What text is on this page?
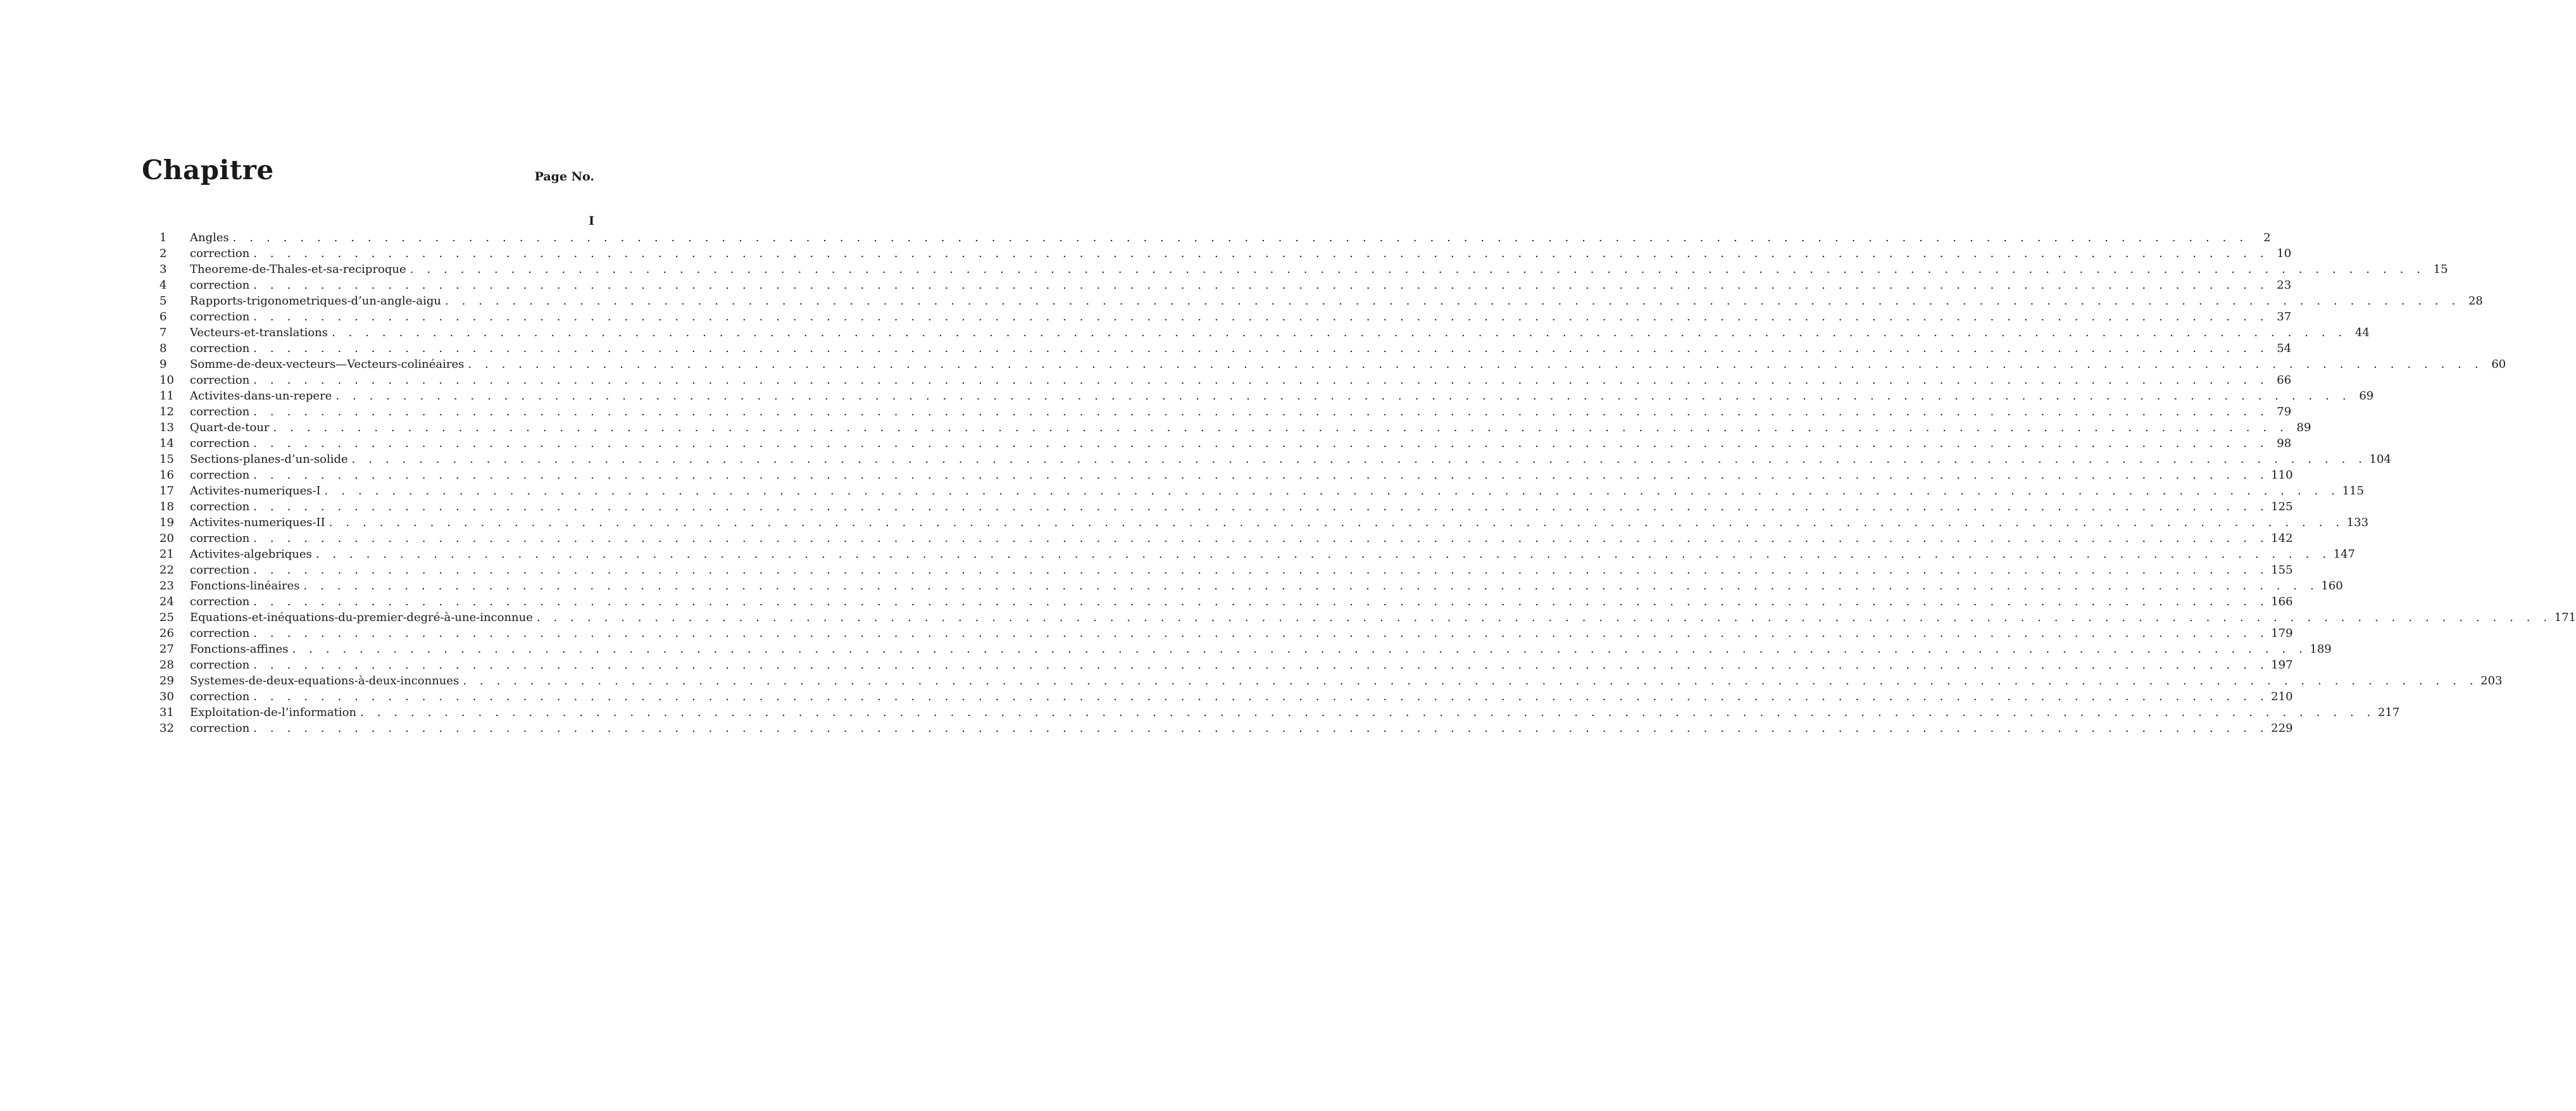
Chapitre	Page No.
I
1	Angles . . . . . . . . . . . . . . . . . . . . . . . . . . . . . . . . . . . . . . . . . . . . . . . . . . . . . . . . . . . . . . . . . . . . . . . . . . . . . . . . . . . . . . . . . . . . . . . . . . . . . . . . . . . . . . . . . . . . . . . .	2
2	correction . . . . . . . . . . . . . . . . . . . . . . . . . . . . . . . . . . . . . . . . . . . . . . . . . . . . . . . . . . . . . . . . . . . . . . . . . . . . . . . . . . . . . . . . . . . . . . . . . . . . . . . . . . . . . . . . . . . . . . . . 10
3	Theoreme-de-Thales-et-sa-reciproque . . . . . . . . . . . . . . . . . . . . . . . . . . . . . . . . . . . . . . . . . . . . . . . . . . . . . . . . . . . . . . . . . . . . . . . . . . . . . . . . . . . . . . . . . . . . . . . . . . . . . . . . . . . . . . . . . . . . . . . . 15
4	correction . . . . . . . . . . . . . . . . . . . . . . . . . . . . . . . . . . . . . . . . . . . . . . . . . . . . . . . . . . . . . . . . . . . . . . . . . . . . . . . . . . . . . . . . . . . . . . . . . . . . . . . . . . . . . . . . . . . . . . . . 23
5	Rapports-trigonometriques-d’un-angle-aigu . . . . . . . . . . . . . . . . . . . . . . . . . . . . . . . . . . . . . . . . . . . . . . . . . . . . . . . . . . . . . . . . . . . . . . . . . . . . . . . . . . . . . . . . . . . . . . . . . . . . . . . . . . . . . . . . . . . . . . . . 28
6	correction . . . . . . . . . . . . . . . . . . . . . . . . . . . . . . . . . . . . . . . . . . . . . . . . . . . . . . . . . . . . . . . . . . . . . . . . . . . . . . . . . . . . . . . . . . . . . . . . . . . . . . . . . . . . . . . . . . . . . . . . 37
7	Vecteurs-et-translations . . . . . . . . . . . . . . . . . . . . . . . . . . . . . . . . . . . . . . . . . . . . . . . . . . . . . . . . . . . . . . . . . . . . . . . . . . . . . . . . . . . . . . . . . . . . . . . . . . . . . . . . . . . . . . . . . . . . . . . . 44
8	correction . . . . . . . . . . . . . . . . . . . . . . . . . . . . . . . . . . . . . . . . . . . . . . . . . . . . . . . . . . . . . . . . . . . . . . . . . . . . . . . . . . . . . . . . . . . . . . . . . . . . . . . . . . . . . . . . . . . . . . . . 54
9	Somme-de-deux-vecteurs—Vecteurs-colinéaires . . . . . . . . . . . . . . . . . . . . . . . . . . . . . . . . . . . . . . . . . . . . . . . . . . . . . . . . . . . . . . . . . . . . . . . . . . . . . . . . . . . . . . . . . . . . . . . . . . . . . . . . . . . . . . . . . . . . . . . . 60
10	correction . . . . . . . . . . . . . . . . . . . . . . . . . . . . . . . . . . . . . . . . . . . . . . . . . . . . . . . . . . . . . . . . . . . . . . . . . . . . . . . . . . . . . . . . . . . . . . . . . . . . . . . . . . . . . . . . . . . . . . . . 66
11	Activites-dans-un-repere . . . . . . . . . . . . . . . . . . . . . . . . . . . . . . . . . . . . . . . . . . . . . . . . . . . . . . . . . . . . . . . . . . . . . . . . . . . . . . . . . . . . . . . . . . . . . . . . . . . . . . . . . . . . . . . . . . . . . . . . 69
12	correction . . . . . . . . . . . . . . . . . . . . . . . . . . . . . . . . . . . . . . . . . . . . . . . . . . . . . . . . . . . . . . . . . . . . . . . . . . . . . . . . . . . . . . . . . . . . . . . . . . . . . . . . . . . . . . . . . . . . . . . . 79
13	Quart-de-tour . . . . . . . . . . . . . . . . . . . . . . . . . . . . . . . . . . . . . . . . . . . . . . . . . . . . . . . . . . . . . . . . . . . . . . . . . . . . . . . . . . . . . . . . . . . . . . . . . . . . . . . . . . . . . . . . . . . . . . . . 89
14	correction . . . . . . . . . . . . . . . . . . . . . . . . . . . . . . . . . . . . . . . . . . . . . . . . . . . . . . . . . . . . . . . . . . . . . . . . . . . . . . . . . . . . . . . . . . . . . . . . . . . . . . . . . . . . . . . . . . . . . . . . 98
15	Sections-planes-d’un-solide . . . . . . . . . . . . . . . . . . . . . . . . . . . . . . . . . . . . . . . . . . . . . . . . . . . . . . . . . . . . . . . . . . . . . . . . . . . . . . . . . . . . . . . . . . . . . . . . . . . . . . . . . . . . . . . . . . . . . . . . 104
16	correction . . . . . . . . . . . . . . . . . . . . . . . . . . . . . . . . . . . . . . . . . . . . . . . . . . . . . . . . . . . . . . . . . . . . . . . . . . . . . . . . . . . . . . . . . . . . . . . . . . . . . . . . . . . . . . . . . . . . . . . . 110
17	Activites-numeriques-I . . . . . . . . . . . . . . . . . . . . . . . . . . . . . . . . . . . . . . . . . . . . . . . . . . . . . . . . . . . . . . . . . . . . . . . . . . . . . . . . . . . . . . . . . . . . . . . . . . . . . . . . . . . . . . . . . . . . . . . . 115
18	correction . . . . . . . . . . . . . . . . . . . . . . . . . . . . . . . . . . . . . . . . . . . . . . . . . . . . . . . . . . . . . . . . . . . . . . . . . . . . . . . . . . . . . . . . . . . . . . . . . . . . . . . . . . . . . . . . . . . . . . . . 125
19	Activites-numeriques-II . . . . . . . . . . . . . . . . . . . . . . . . . . . . . . . . . . . . . . . . . . . . . . . . . . . . . . . . . . . . . . . . . . . . . . . . . . . . . . . . . . . . . . . . . . . . . . . . . . . . . . . . . . . . . . . . . . . . . . . . 133
20	correction . . . . . . . . . . . . . . . . . . . . . . . . . . . . . . . . . . . . . . . . . . . . . . . . . . . . . . . . . . . . . . . . . . . . . . . . . . . . . . . . . . . . . . . . . . . . . . . . . . . . . . . . . . . . . . . . . . . . . . . . 142
21	Activites-algebriques . . . . . . . . . . . . . . . . . . . . . . . . . . . . . . . . . . . . . . . . . . . . . . . . . . . . . . . . . . . . . . . . . . . . . . . . . . . . . . . . . . . . . . . . . . . . . . . . . . . . . . . . . . . . . . . . . . . . . . . . 147
22	correction . . . . . . . . . . . . . . . . . . . . . . . . . . . . . . . . . . . . . . . . . . . . . . . . . . . . . . . . . . . . . . . . . . . . . . . . . . . . . . . . . . . . . . . . . . . . . . . . . . . . . . . . . . . . . . . . . . . . . . . . 155
23	Fonctions-linéaires . . . . . . . . . . . . . . . . . . . . . . . . . . . . . . . . . . . . . . . . . . . . . . . . . . . . . . . . . . . . . . . . . . . . . . . . . . . . . . . . . . . . . . . . . . . . . . . . . . . . . . . . . . . . . . . . . . . . . . . . 160
24	correction . . . . . . . . . . . . . . . . . . . . . . . . . . . . . . . . . . . . . . . . . . . . . . . . . . . . . . . . . . . . . . . . . . . . . . . . . . . . . . . . . . . . . . . . . . . . . . . . . . . . . . . . . . . . . . . . . . . . . . . . 166
25	Equations-et-inéquations-du-premier-degré-à-une-inconnue . . . . . . . . . . . . . . . . . . . . . . . . . . . . . . . . . . . . . . . . . . . . . . . . . . . . . . . . . . . . . . . . . . . . . . . . . . . . . . . . . . . . . . . . . . . . . . . . . . . . . . . . . . . . . . . . . . . . . . . . 171
26	correction . . . . . . . . . . . . . . . . . . . . . . . . . . . . . . . . . . . . . . . . . . . . . . . . . . . . . . . . . . . . . . . . . . . . . . . . . . . . . . . . . . . . . . . . . . . . . . . . . . . . . . . . . . . . . . . . . . . . . . . . 179
27	Fonctions-affines . . . . . . . . . . . . . . . . . . . . . . . . . . . . . . . . . . . . . . . . . . . . . . . . . . . . . . . . . . . . . . . . . . . . . . . . . . . . . . . . . . . . . . . . . . . . . . . . . . . . . . . . . . . . . . . . . . . . . . . . 189
28	correction . . . . . . . . . . . . . . . . . . . . . . . . . . . . . . . . . . . . . . . . . . . . . . . . . . . . . . . . . . . . . . . . . . . . . . . . . . . . . . . . . . . . . . . . . . . . . . . . . . . . . . . . . . . . . . . . . . . . . . . . 197
29	Systemes-de-deux-equations-à-deux-inconnues . . . . . . . . . . . . . . . . . . . . . . . . . . . . . . . . . . . . . . . . . . . . . . . . . . . . . . . . . . . . . . . . . . . . . . . . . . . . . . . . . . . . . . . . . . . . . . . . . . . . . . . . . . . . . . . . . . . . . . . . 203
30	correction . . . . . . . . . . . . . . . . . . . . . . . . . . . . . . . . . . . . . . . . . . . . . . . . . . . . . . . . . . . . . . . . . . . . . . . . . . . . . . . . . . . . . . . . . . . . . . . . . . . . . . . . . . . . . . . . . . . . . . . . 210
31	Exploitation-de-l’information . . . . . . . . . . . . . . . . . . . . . . . . . . . . . . . . . . . . . . . . . . . . . . . . . . . . . . . . . . . . . . . . . . . . . . . . . . . . . . . . . . . . . . . . . . . . . . . . . . . . . . . . . . . . . . . . . . . . . . . . 217
32	correction . . . . . . . . . . . . . . . . . . . . . . . . . . . . . . . . . . . . . . . . . . . . . . . . . . . . . . . . . . . . . . . . . . . . . . . . . . . . . . . . . . . . . . . . . . . . . . . . . . . . . . . . . . . . . . . . . . . . . . . . 229
